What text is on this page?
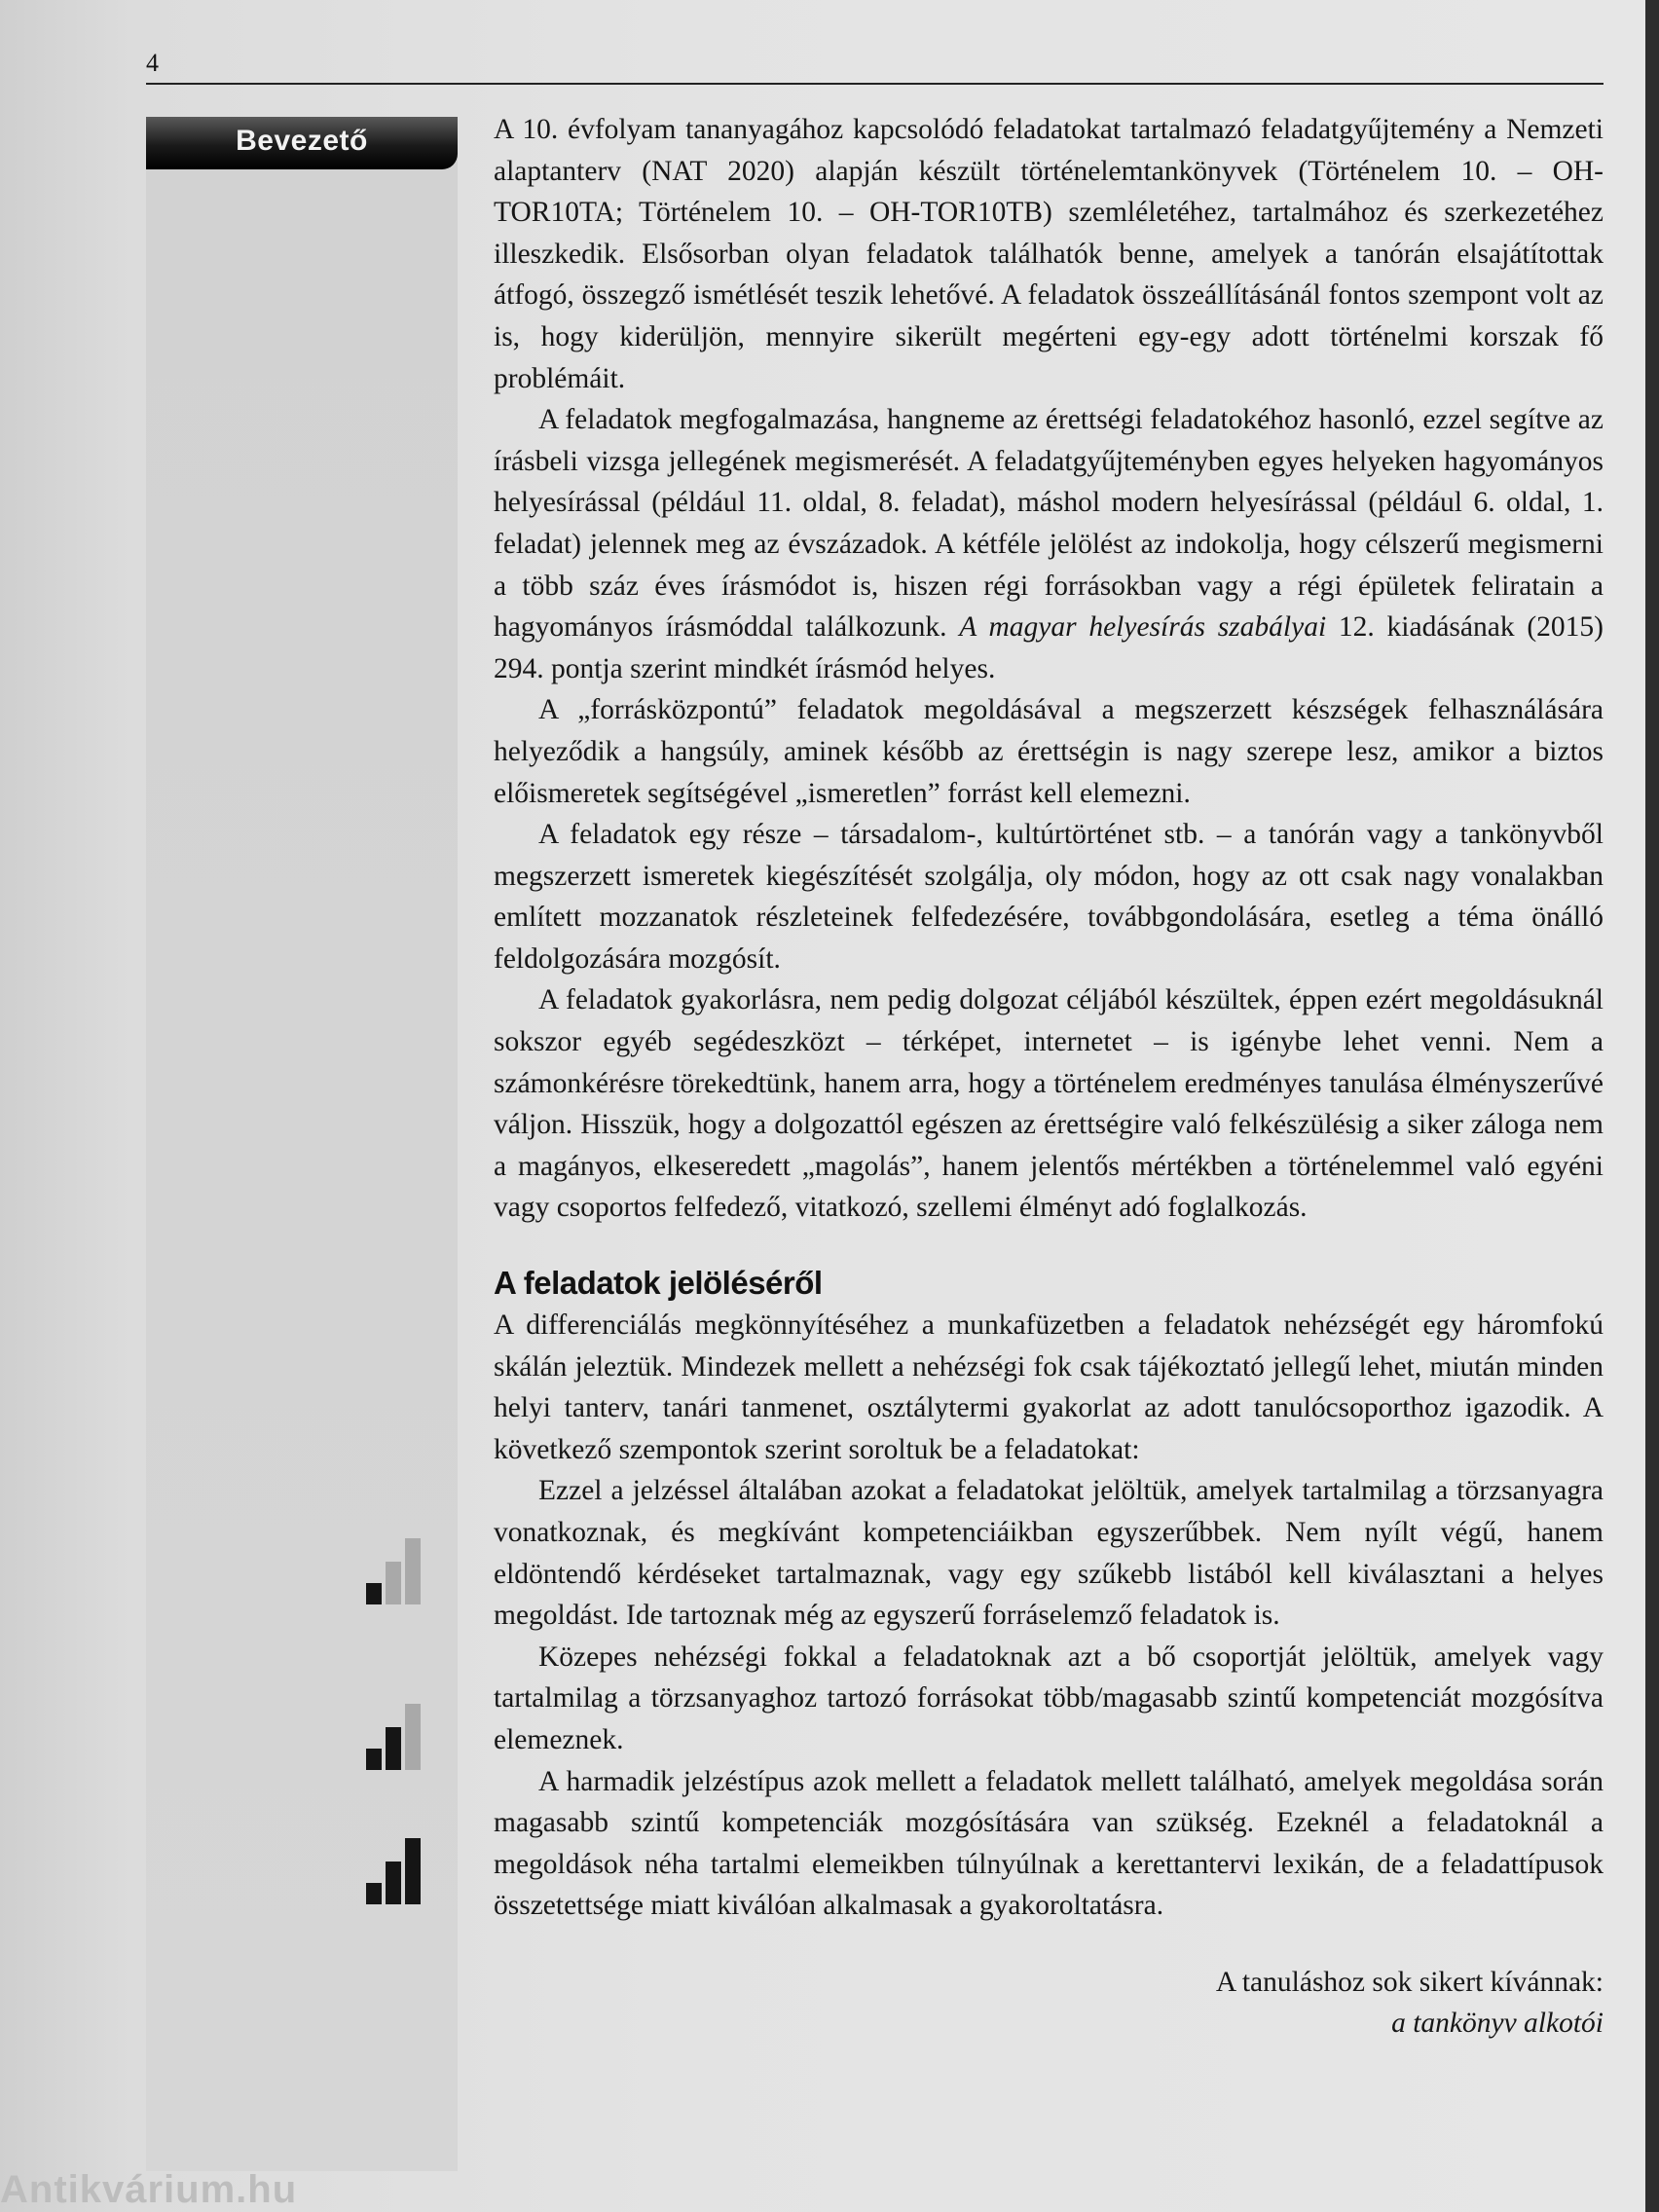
4
Bevezető	A 10. évfolyam tananyagához kapcsolódó feladatokat tartalmazó feladatgyűjtemény a Nemzeti alaptanterv (NAT 2020) alapján készült történelemtankönyvek (Történelem 10. – OH-TOR10TA; Történelem 10. – OH-TOR10TB) szemléletéhez, tartalmához és szerkezetéhez illeszkedik. Elsősorban olyan feladatok találhatók benne, amelyek a tanórán elsajátítottak átfogó, összegző ismétlését teszik lehetővé. A feladatok összeállításánál fontos szempont volt az is, hogy kiderüljön, mennyire sikerült megérteni egy-egy adott történelmi korszak fő problémáit.

A feladatok megfogalmazása, hangneme az érettségi feladatokéhoz hasonló, ezzel segítve az írásbeli vizsga jellegének megismerését. A feladatgyűjteményben egyes helyeken hagyományos helyesírással (például 11. oldal, 8. feladat), máshol modern helyesírással (például 6. oldal, 1. feladat) jelennek meg az évszázadok. A kétféle jelölést az indokolja, hogy célszerű megismerni a több száz éves írásmódot is, hiszen régi forrásokban vagy a régi épületek feliratain a hagyományos írásmóddal találkozunk. A magyar helyesírás szabályai 12. kiadásának (2015) 294. pontja szerint mindkét írásmód helyes.

A „forrásközpontú” feladatok megoldásával a megszerzett készségek felhasználására helyeződik a hangsúly, aminek később az érettségin is nagy szerepe lesz, amikor a biztos előismeretek segítségével „ismeretlen” forrást kell elemezni.

A feladatok egy része – társadalom-, kultúrtörténet stb. – a tanórán vagy a tankönyvből megszerzett ismeretek kiegészítését szolgálja, oly módon, hogy az ott csak nagy vonalakban említett mozzanatok részleteinek felfedezésére, továbbgondolására, esetleg a téma önálló feldolgozására mozgósít.

A feladatok gyakorlásra, nem pedig dolgozat céljából készültek, éppen ezért megoldásuknál sokszor egyéb segédeszközt – térképet, internetet – is igénybe lehet venni. Nem a számonkérésre törekedtünk, hanem arra, hogy a történelem eredményes tanulása élményszerűvé váljon. Hisszük, hogy a dolgozattól egészen az érettségire való felkészülésig a siker záloga nem a magányos, elkeseredett „magolás”, hanem jelentős mértékben a történelemmel való egyéni vagy csoportos felfedező, vitatkozó, szellemi élményt adó foglalkozás.

A feladatok jelöléséről

A differenciálás megkönnyítéséhez a munkafüzetben a feladatok nehézségét egy háromfokú skálán jeleztük. Mindezek mellett a nehézségi fok csak tájékoztató jellegű lehet, miután minden helyi tanterv, tanári tanmenet, osztálytermi gyakorlat az adott tanulócsoporthoz igazodik. A következő szempontok szerint soroltuk be a feladatokat:

Ezzel a jelzéssel általában azokat a feladatokat jelöltük, amelyek tartalmilag a törzsanyagra vonatkoznak, és megkívánt kompetenciáikban egyszerűbbek. Nem nyílt végű, hanem eldöntendő kérdéseket tartalmaznak, vagy egy szűkebb listából kell kiválasztani a helyes megoldást. Ide tartoznak még az egyszerű forráselemző feladatok is.

Közepes nehézségi fokkal a feladatoknak azt a bő csoportját jelöltük, amelyek vagy tartalmilag a törzsanyaghoz tartozó forrásokat több/magasabb szintű kompetenciát mozgósítva elemeznek.

A harmadik jelzéstípus azok mellett a feladatok mellett található, amelyek megoldása során magasabb szintű kompetenciák mozgósítására van szükség. Ezeknél a feladatoknál a megoldások néha tartalmi elemeikben túlnyúlnak a kerettantervi lexikán, de a feladattípusok összetettsége miatt kiválóan alkalmasak a gyakoroltatásra.

A tanuláshoz sok sikert kívánnak:
a tankönyv alkotói
Antikvárium.hu
